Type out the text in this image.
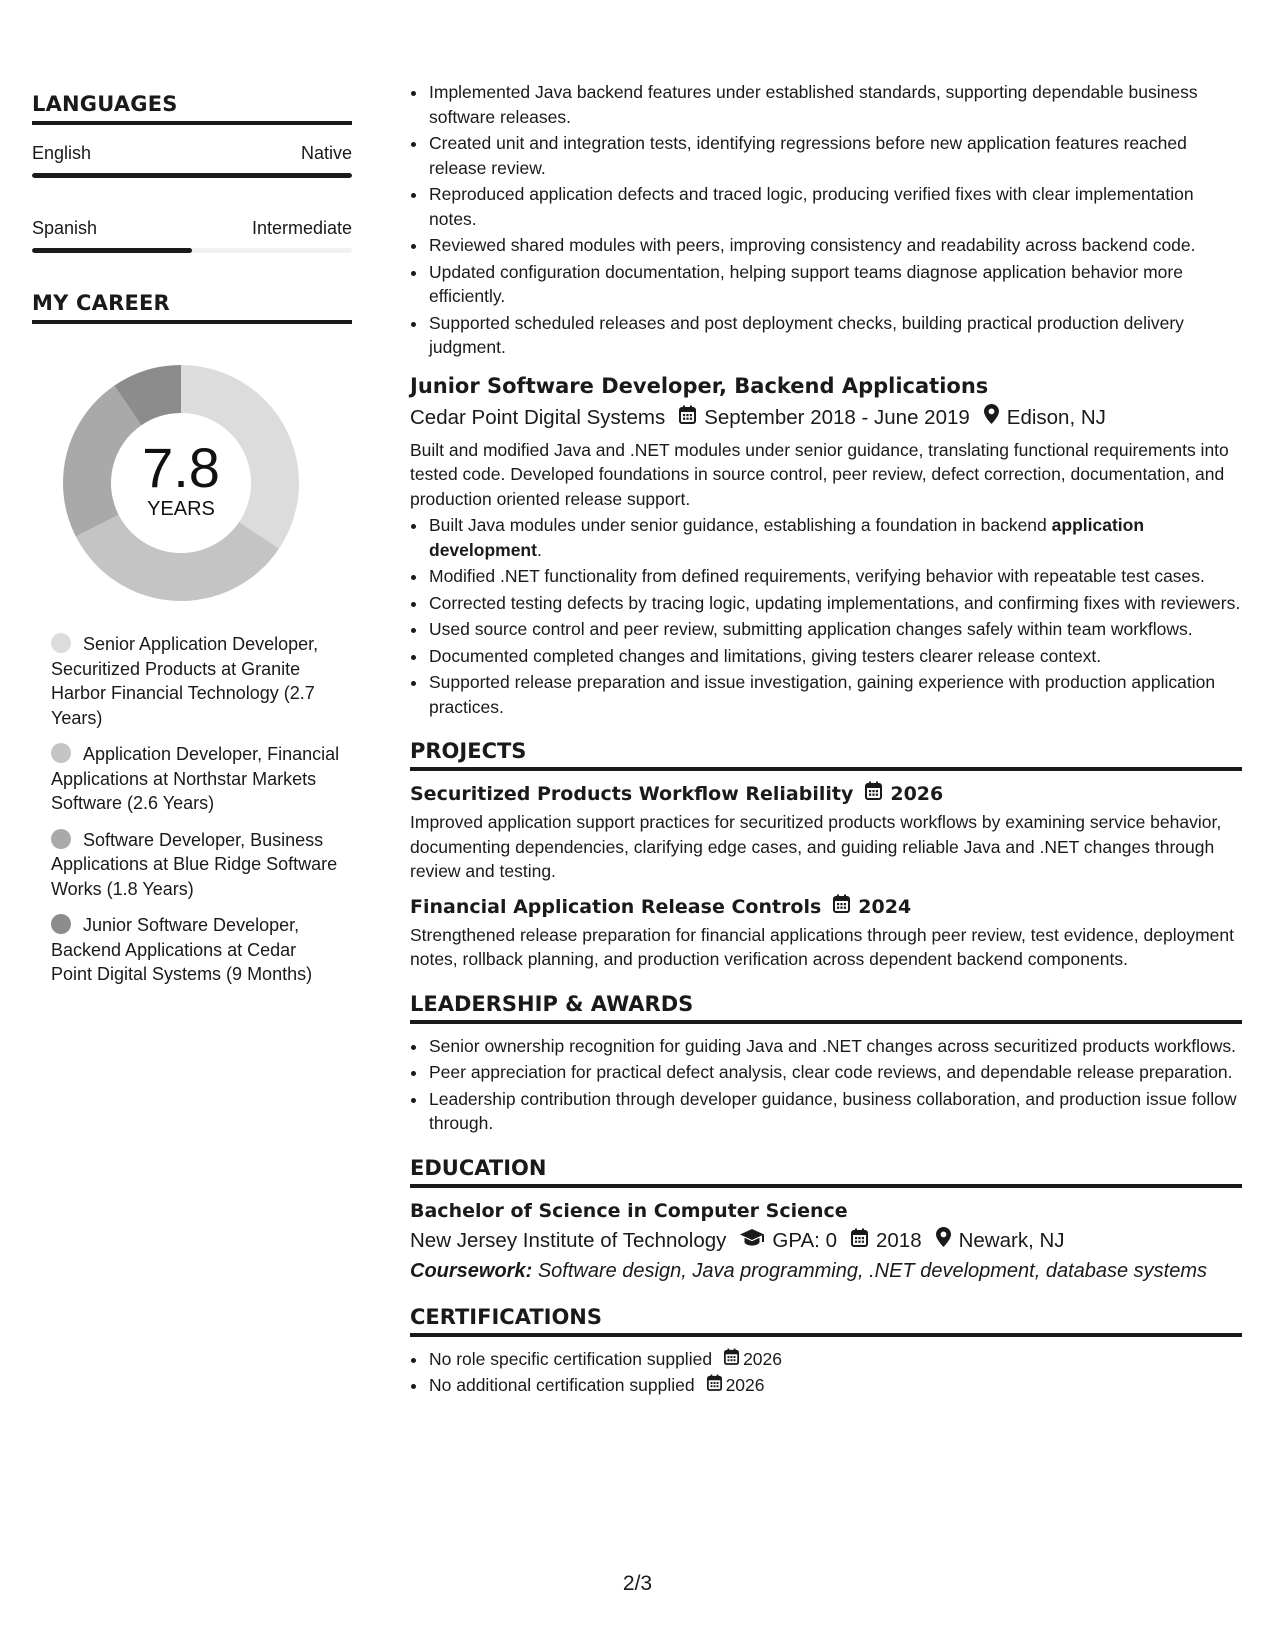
LANGUAGES
English	Native
Spanish	Intermediate
MY CAREER
7.8
YEARS
Senior Application Developer, Securitized Products at Granite Harbor Financial Technology (2.7 Years)
Application Developer, Financial Applications at Northstar Markets Software (2.6 Years)
Software Developer, Business Applications at Blue Ridge Software Works (1.8 Years)
Junior Software Developer, Backend Applications at Cedar Point Digital Systems (9 Months)
• Implemented Java backend features under established standards, supporting dependable business software releases.
• Created unit and integration tests, identifying regressions before new application features reached release review.
• Reproduced application defects and traced logic, producing verified fixes with clear implementation notes.
• Reviewed shared modules with peers, improving consistency and readability across backend code.
• Updated configuration documentation, helping support teams diagnose application behavior more efficiently.
• Supported scheduled releases and post deployment checks, building practical production delivery judgment.
Junior Software Developer, Backend Applications
Cedar Point Digital Systems September 2018 - June 2019 Edison, NJ

Built and modified Java and .NET modules under senior guidance, translating functional requirements into tested code. Developed foundations in source control, peer review, defect correction, documentation, and production oriented release support.

• Built Java modules under senior guidance, establishing a foundation in backend application development.
• Modified .NET functionality from defined requirements, verifying behavior with repeatable test cases.
• Corrected testing defects by tracing logic, updating implementations, and confirming fixes with reviewers.
• Used source control and peer review, submitting application changes safely within team workflows.
• Documented completed changes and limitations, giving testers clearer release context.
• Supported release preparation and issue investigation, gaining experience with production application practices.
PROJECTS
Securitized Products Workflow Reliability 2026

Improved application support practices for securitized products workflows by examining service behavior, documenting dependencies, clarifying edge cases, and guiding reliable Java and .NET changes through review and testing.

Financial Application Release Controls 2024

Strengthened release preparation for financial applications through peer review, test evidence, deployment notes, rollback planning, and production verification across dependent backend components.

LEADERSHIP & AWARDS
• Senior ownership recognition for guiding Java and .NET changes across securitized products workflows.
• Peer appreciation for practical defect analysis, clear code reviews, and dependable release preparation.
• Leadership contribution through developer guidance, business collaboration, and production issue follow through.
EDUCATION
Bachelor of Science in Computer Science
New Jersey Institute of Technology GPA: 0 2018 Newark, NJ
Coursework: Software design, Java programming, .NET development, database systems
CERTIFICATIONS
• No role specific certification supplied 2026
• No additional certification supplied 2026
2/3
